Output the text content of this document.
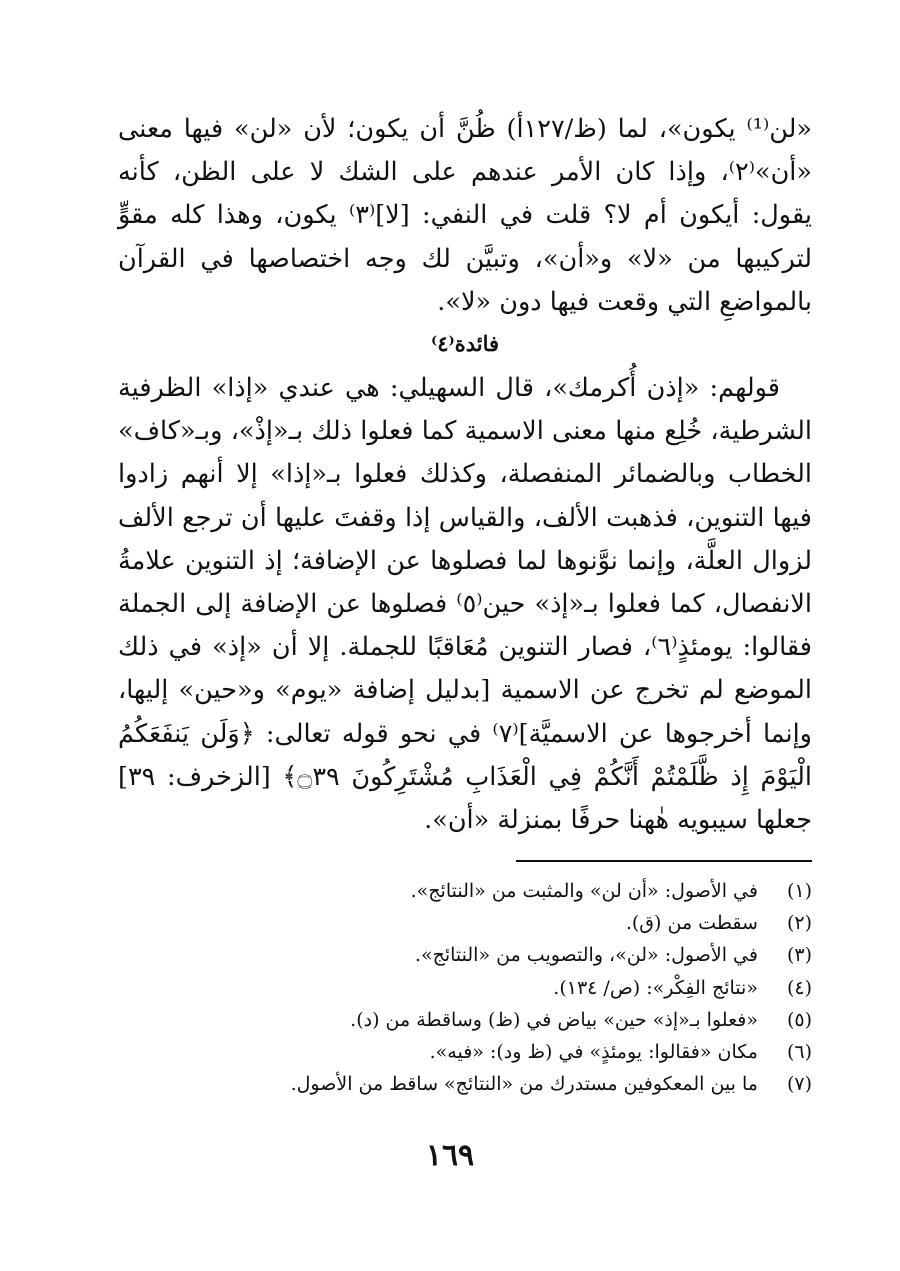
«لن⁽¹⁾ يكون»، لما (ظ/١٢٧أ) ظُنَّ أن يكون؛ لأن «لن» فيها معنى «أن»⁽٢⁾، وإذا كان الأمر عندهم على الشك لا على الظن، كأنه يقول: أيكون أم لا؟ قلت في النفي: [لا]⁽٣⁾ يكون، وهذا كله مقوٍّ لتركيبها من «لا» و«أن»، وتبيَّن لك وجه اختصاصها في القرآن بالمواضعِ التي وقعت فيها دون «لا».

فائدة⁽٤⁾

قولهم: «إذن أُكرمك»، قال السهيلي: هي عندي «إذا» الظرفية الشرطية، خُلِع منها معنى الاسمية كما فعلوا ذلك بـ«إذْ»، وبـ«كاف» الخطاب وبالضمائر المنفصلة، وكذلك فعلوا بـ«إذا» إلا أنهم زادوا فيها التنوين، فذهبت الألف، والقياس إذا وقفتَ عليها أن ترجع الألف لزوال العلَّة، وإنما نوَّنوها لما فصلوها عن الإضافة؛ إذ التنوين علامةُ الانفصال، كما فعلوا بـ«إذ» حين⁽٥⁾ فصلوها عن الإضافة إلى الجملة فقالوا: يومئذٍ⁽٦⁾، فصار التنوين مُعَاقبًا للجملة. إلا أن «إذ» في ذلك الموضع لم تخرج عن الاسمية [بدليل إضافة «يوم» و«حين» إليها، وإنما أخرجوها عن الاسميَّة]⁽٧⁾ في نحو قوله تعالى: ﴿وَلَن يَنفَعَكُمُ الْيَوْمَ إِذ ظَّلَمْتُمْ أَنَّكُمْ فِي الْعَذَابِ مُشْتَرِكُونَ ۝٣٩﴾ [الزخرف: ٣٩] جعلها سيبويه هٰهنا حرفًا بمنزلة «أن».

(١) في الأصول: «أن لن» والمثبت من «النتائج».
(٢) سقطت من (ق).
(٣) في الأصول: «لن»، والتصويب من «النتائج».
(٤) «نتائج الفِكْر»: (ص/ ١٣٤).
(٥) «فعلوا بـ«إذ» حين» بياض في (ظ) وساقطة من (د).
(٦) مكان «فقالوا: يومئذٍ» في (ظ ود): «فيه».
(٧) ما بين المعكوفين مستدرك من «النتائج» ساقط من الأصول.
١٦٩
